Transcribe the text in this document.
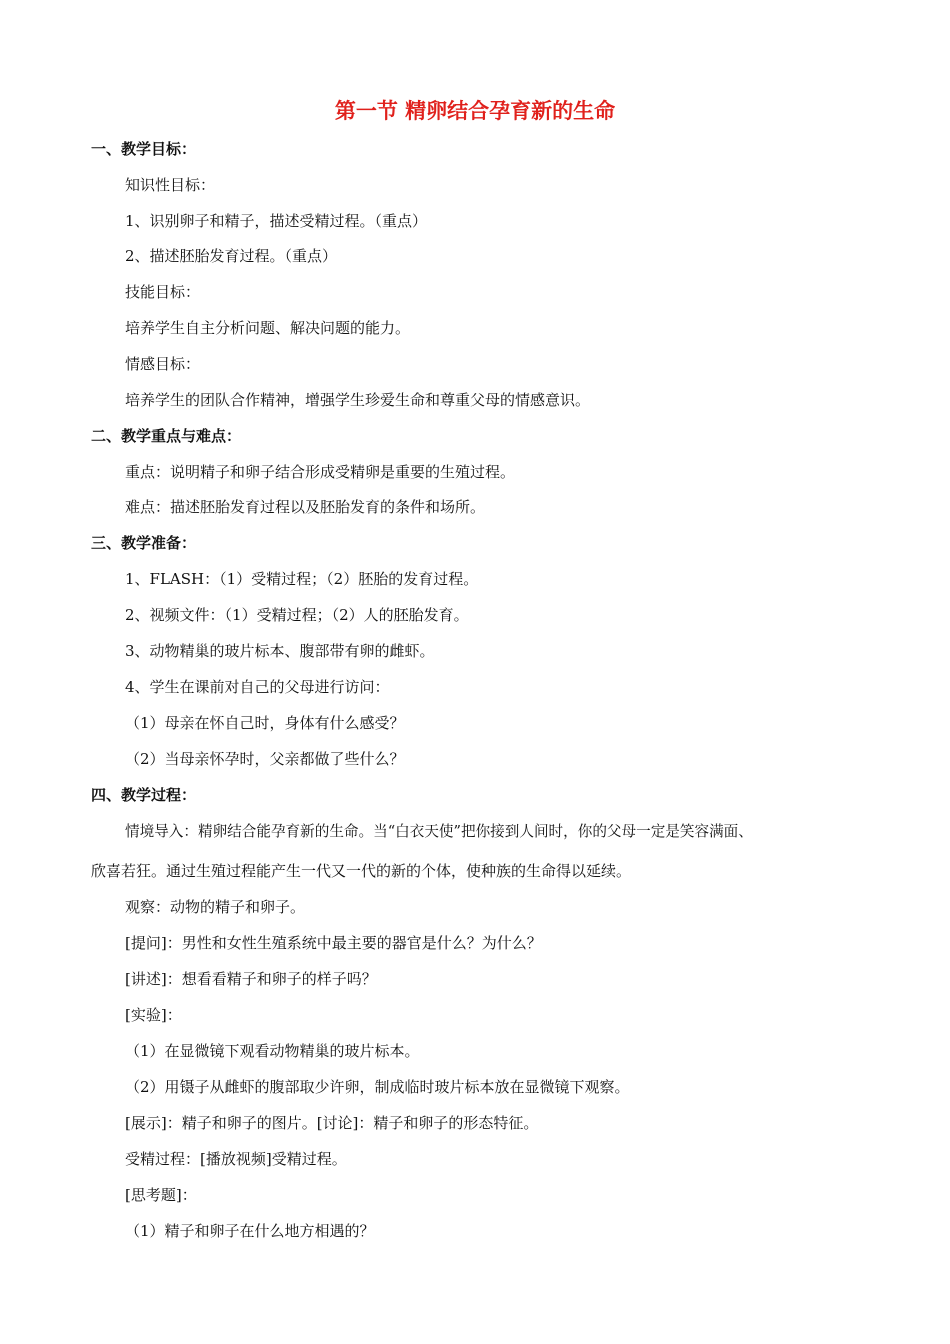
第一节 精卵结合孕育新的生命
一、教学目标：
知识性目标：
1、识别卵子和精子，描述受精过程。（重点）
2、描述胚胎发育过程。（重点）
技能目标：
培养学生自主分析问题、解决问题的能力。
情感目标：
培养学生的团队合作精神，增强学生珍爱生命和尊重父母的情感意识。
二、教学重点与难点：
重点：说明精子和卵子结合形成受精卵是重要的生殖过程。
难点：描述胚胎发育过程以及胚胎发育的条件和场所。
三、教学准备：
1、FLASH：（1）受精过程；（2）胚胎的发育过程。
2、视频文件：（1）受精过程；（2）人的胚胎发育。
3、动物精巢的玻片标本、腹部带有卵的雌虾。
4、学生在课前对自己的父母进行访问：
（1）母亲在怀自己时，身体有什么感受？
（2）当母亲怀孕时，父亲都做了些什么？
四、教学过程：
情境导入：精卵结合能孕育新的生命。当“白衣天使”把你接到人间时，你的父母一定是笑容满面、
欣喜若狂。通过生殖过程能产生一代又一代的新的个体，使种族的生命得以延续。
观察：动物的精子和卵子。
[提问]：男性和女性生殖系统中最主要的器官是什么？为什么？
[讲述]：想看看精子和卵子的样子吗？
[实验]：
（1）在显微镜下观看动物精巢的玻片标本。
（2）用镊子从雌虾的腹部取少许卵，制成临时玻片标本放在显微镜下观察。
[展示]：精子和卵子的图片。[讨论]：精子和卵子的形态特征。
受精过程：[播放视频]受精过程。
[思考题]：
（1）精子和卵子在什么地方相遇的？
